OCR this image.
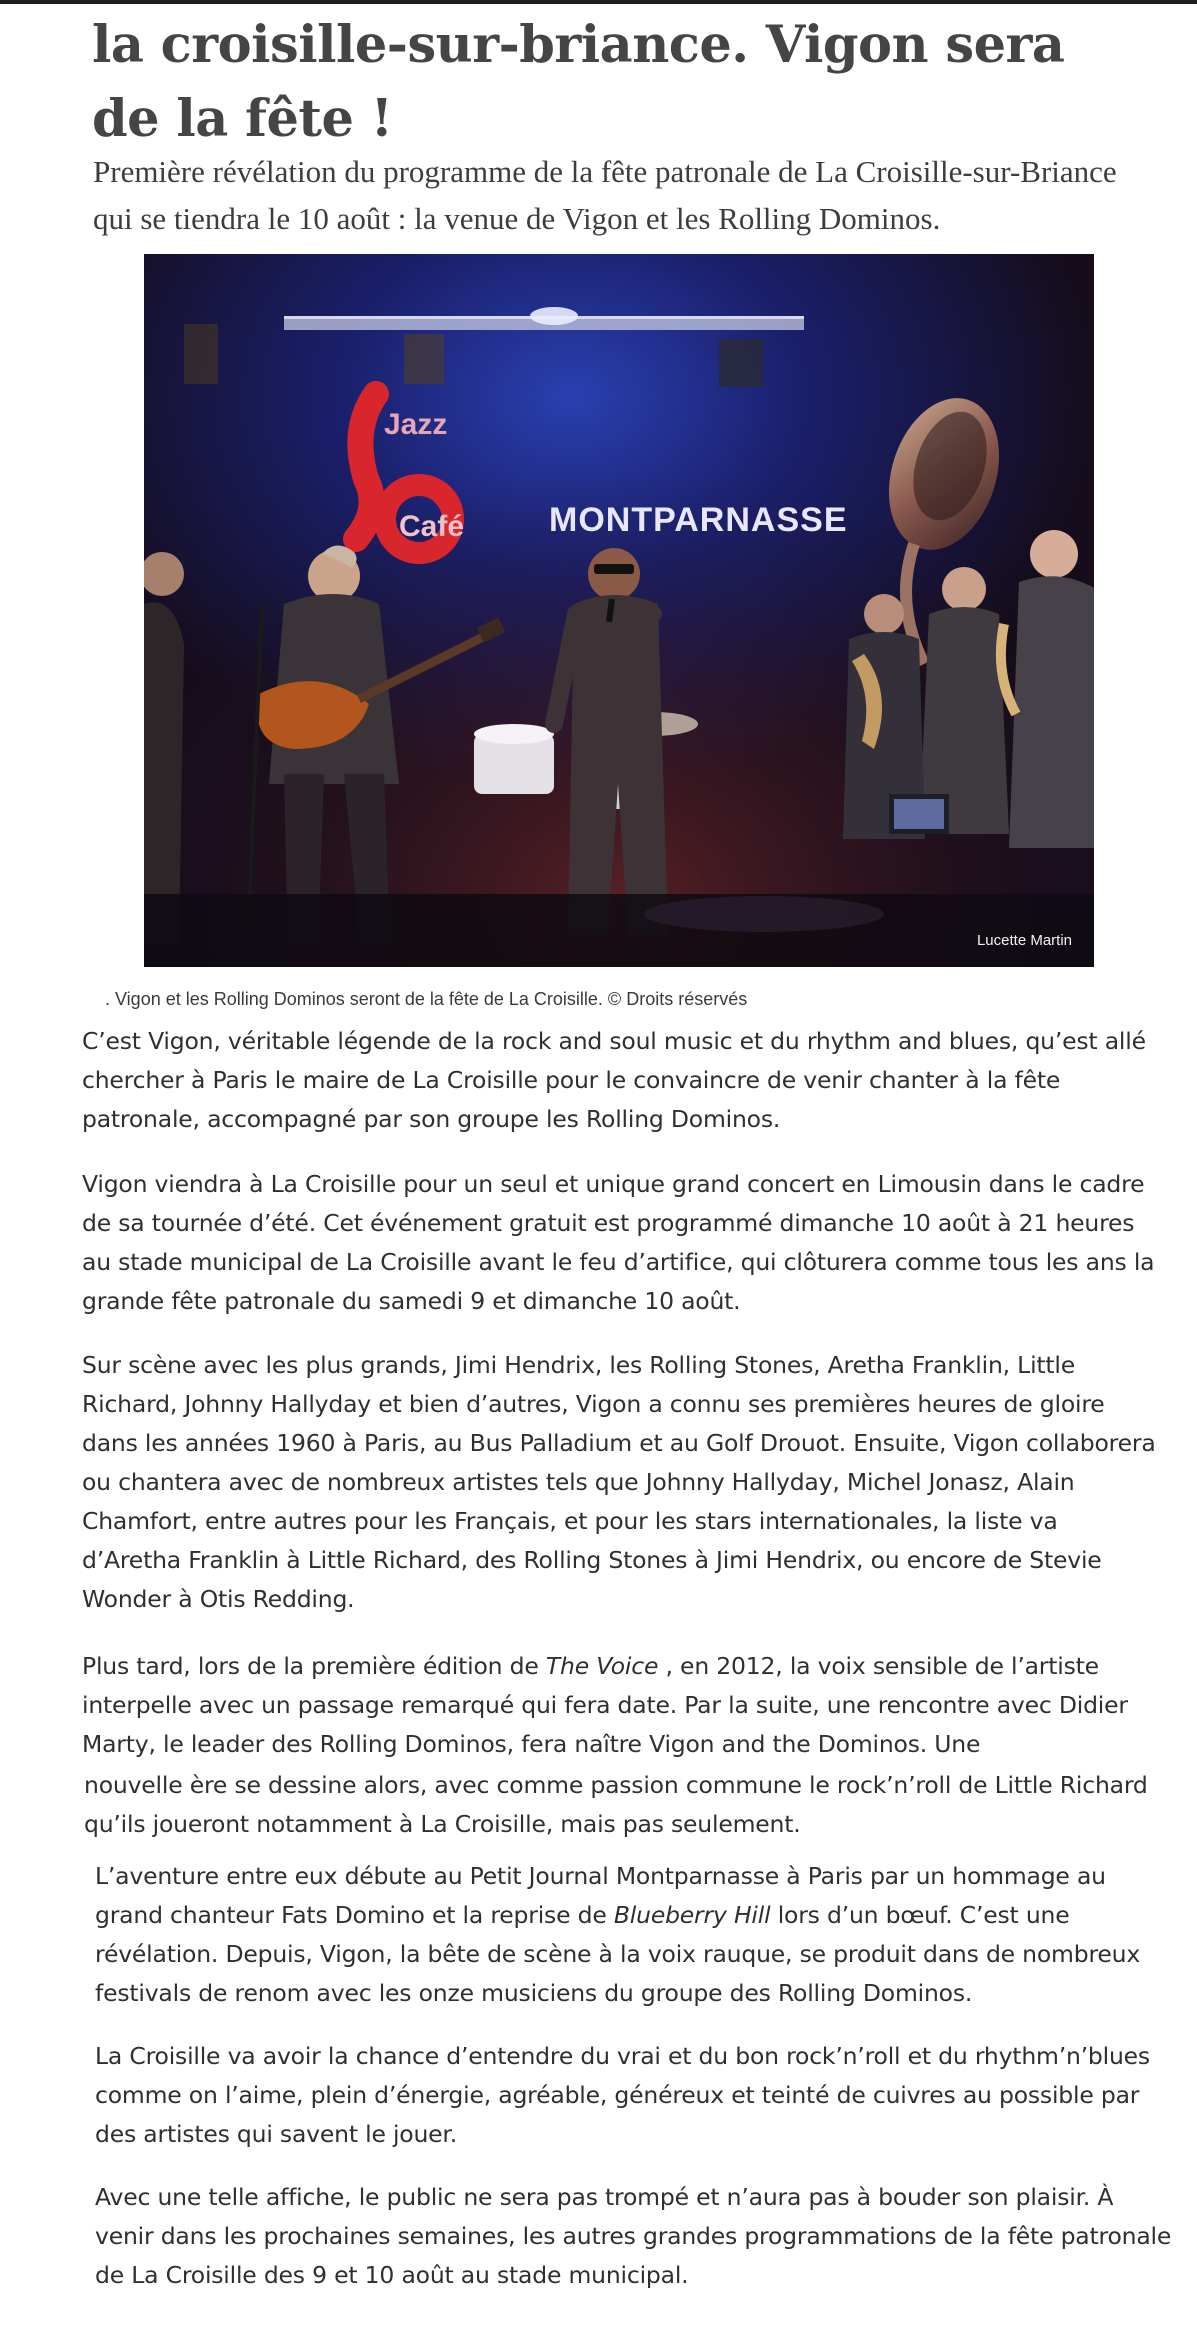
la croisille-sur-briance. Vigon sera de la fête !

Première révélation du programme de la fête patronale de La Croisille-sur-Briance qui se tiendra le 10 août : la venue de Vigon et les Rolling Dominos.

Jazz
Café MONTPARNASSE
Lucette Martin

. Vigon et les Rolling Dominos seront de la fête de La Croisille. © Droits réservés

C’est Vigon, véritable légende de la rock and soul music et du rhythm and blues, qu’est allé chercher à Paris le maire de La Croisille pour le convaincre de venir chanter à la fête patronale, accompagné par son groupe les Rolling Dominos.

Vigon viendra à La Croisille pour un seul et unique grand concert en Limousin dans le cadre de sa tournée d’été. Cet événement gratuit est programmé dimanche 10 août à 21 heures au stade municipal de La Croisille avant le feu d’artifice, qui clôturera comme tous les ans la grande fête patronale du samedi 9 et dimanche 10 août.

Sur scène avec les plus grands, Jimi Hendrix, les Rolling Stones, Aretha Franklin, Little Richard, Johnny Hallyday et bien d’autres, Vigon a connu ses premières heures de gloire dans les années 1960 à Paris, au Bus Palladium et au Golf Drouot. Ensuite, Vigon collaborera ou chantera avec de nombreux artistes tels que Johnny Hallyday, Michel Jonasz, Alain Chamfort, entre autres pour les Français, et pour les stars internationales, la liste va d’Aretha Franklin à Little Richard, des Rolling Stones à Jimi Hendrix, ou encore de Stevie Wonder à Otis Redding.

Plus tard, lors de la première édition de The Voice , en 2012, la voix sensible de l’artiste interpelle avec un passage remarqué qui fera date. Par la suite, une rencontre avec Didier Marty, le leader des Rolling Dominos, fera naître Vigon and the Dominos. Une

nouvelle ère se dessine alors, avec comme passion commune le rock’n’roll de Little Richard qu’ils joueront notamment à La Croisille, mais pas seulement.

L’aventure entre eux débute au Petit Journal Montparnasse à Paris par un hommage au grand chanteur Fats Domino et la reprise de Blueberry Hill lors d’un bœuf. C’est une révélation. Depuis, Vigon, la bête de scène à la voix rauque, se produit dans de nombreux festivals de renom avec les onze musiciens du groupe des Rolling Dominos.

La Croisille va avoir la chance d’entendre du vrai et du bon rock’n’roll et du rhythm’n’blues comme on l’aime, plein d’énergie, agréable, généreux et teinté de cuivres au possible par des artistes qui savent le jouer.

Avec une telle affiche, le public ne sera pas trompé et n’aura pas à bouder son plaisir. À venir dans les prochaines semaines, les autres grandes programmations de la fête patronale de La Croisille des 9 et 10 août au stade municipal.
